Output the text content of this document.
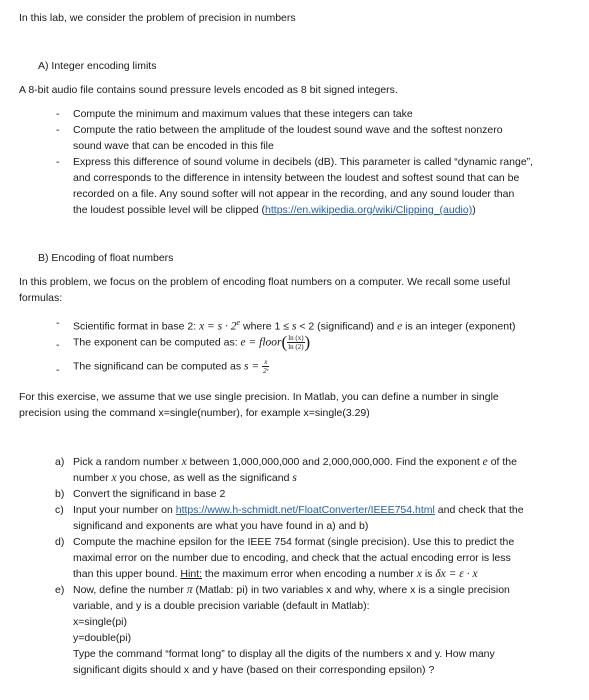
In this lab, we consider the problem of precision in numbers
A) Integer encoding limits
A 8-bit audio file contains sound pressure levels encoded as 8 bit signed integers.
- Compute the minimum and maximum values that these integers can take
- Compute the ratio between the amplitude of the loudest sound wave and the softest nonzero
sound wave that can be encoded in this file
- Express this difference of sound volume in decibels (dB). This parameter is called “dynamic range”,
and corresponds to the difference in intensity between the loudest and softest sound that can be
recorded on a file. Any sound softer will not appear in the recording, and any sound louder than
the loudest possible level will be clipped (https://en.wikipedia.org/wiki/Clipping_(audio))
B) Encoding of float numbers
In this problem, we focus on the problem of encoding float numbers on a computer. We recall some useful
formulas:
- Scientific format in base 2: $x = s \cdot 2^e$ where 1 ≤ s < 2 (significand) and e is an integer (exponent)
- The exponent can be computed as: e = floor( $\frac{\ln (x)}{\ln (2)}$ )
- The significand can be computed as $s = \frac{x}{\text{2ᵉ}}$
For this exercise, we assume that we use single precision. In Matlab, you can define a number in single
precision using the command x=single(number), for example x=single(3.29)
a) Pick a random number x between 1,000,000,000 and 2,000,000,000. Find the exponent e of the
number x you chose, as well as the significand s
b) Convert the significand in base 2
c) Input your number on https://www.h-schmidt.net/FloatConverter/IEEE754.html and check that the
significand and exponents are what you have found in a) and b)
d) Compute the machine epsilon for the IEEE 754 format (single precision). Use this to predict the
maximal error on the number due to encoding, and check that the actual encoding error is less
than this upper bound. Hint: the maximum error when encoding a number x is δx = ε · x
e) Now, define the number π (Matlab: pi) in two variables x and why, where x is a single precision
variable, and y is a double precision variable (default in Matlab):
x=single(pi)
y=double(pi)
Type the command “format long” to display all the digits of the numbers x and y. How many
significant digits should x and y have (based on their corresponding epsilon) ?
